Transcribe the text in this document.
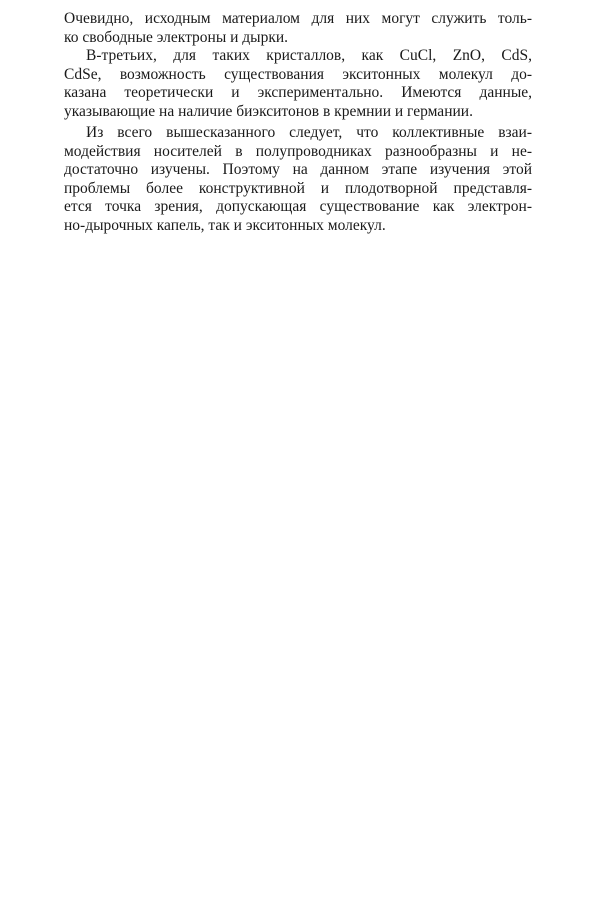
Очевидно, исходным материалом для них могут служить толь-
ко свободные электроны и дырки.
В-третьих, для таких кристаллов, как CuCl, ZnO, CdS,
CdSe, возможность существования экситонных молекул до-
казана теоретически и экспериментально. Имеются данные,
указывающие на наличие биэкситонов в кремнии и германии.
Из всего вышесказанного следует, что коллективные взаи-
модействия носителей в полупроводниках разнообразны и не-
достаточно изучены. Поэтому на данном этапе изучения этой
проблемы более конструктивной и плодотворной представля-
ется точка зрения, допускающая существование как электрон-
но-дырочных капель, так и экситонных молекул.
